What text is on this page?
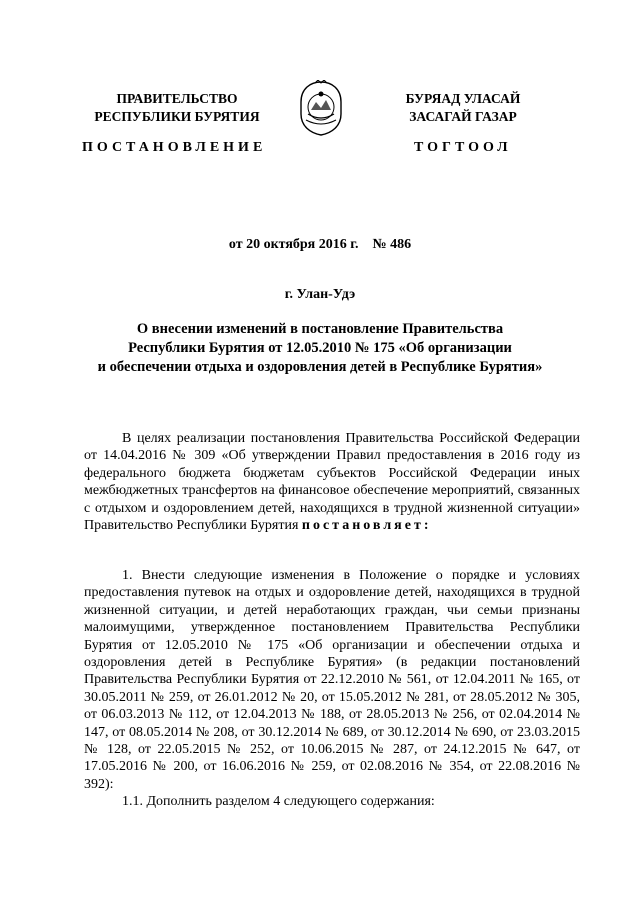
ПРАВИТЕЛЬСТВО
РЕСПУБЛИКИ БУРЯТИЯ
БУРЯАД УЛАСАЙ
ЗАСАГАЙ ГАЗАР
ПОСТАНОВЛЕНИЕ	ТОГТООЛ
от 20 октября 2016 г.    № 486
г. Улан-Удэ
О внесении изменений в постановление Правительства
Республики Бурятия от 12.05.2010 № 175 «Об организации
и обеспечении отдыха и оздоровления детей в Республике Бурятия»

В целях реализации постановления Правительства Российской Федерации от 14.04.2016 № 309 «Об утверждении Правил предоставления в 2016 году из федерального бюджета бюджетам субъектов Российской Федерации иных межбюджетных трансфертов на финансовое обеспечение мероприятий, связанных с отдыхом и оздоровлением детей, находящихся в трудной жизненной ситуации» Правительство Республики Бурятия постановляет:

1. Внести следующие изменения в Положение о порядке и условиях предоставления путевок на отдых и оздоровление детей, находящихся в трудной жизненной ситуации, и детей неработающих граждан, чьи семьи признаны малоимущими, утвержденное постановлением Правительства Республики Бурятия от 12.05.2010 № 175 «Об организации и обеспечении отдыха и оздоровления детей в Республике Бурятия» (в редакции постановлений Правительства Республики Бурятия от 22.12.2010 № 561, от 12.04.2011 № 165, от 30.05.2011 № 259, от 26.01.2012 № 20, от 15.05.2012 № 281, от 28.05.2012 № 305, от 06.03.2013 № 112, от 12.04.2013 № 188, от 28.05.2013 № 256, от 02.04.2014 № 147, от 08.05.2014 № 208, от 30.12.2014 № 689, от 30.12.2014 № 690, от 23.03.2015 № 128, от 22.05.2015 № 252, от 10.06.2015 № 287, от 24.12.2015 № 647, от 17.05.2016 № 200, от 16.06.2016 № 259, от 02.08.2016 № 354, от 22.08.2016 № 392):

1.1. Дополнить разделом 4 следующего содержания:
